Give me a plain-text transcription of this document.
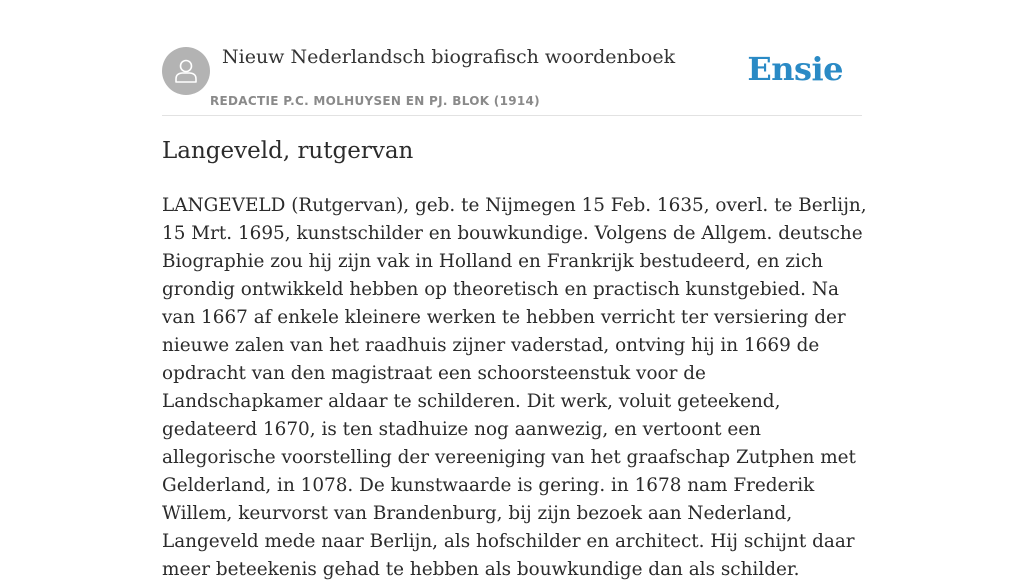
Nieuw Nederlandsch biografisch woordenboek
REDACTIE P.C. MOLHUYSEN EN PJ. BLOK (1914)
Ensie
Langeveld, rutgervan

LANGEVELD (Rutgervan), geb. te Nijmegen 15 Feb. 1635, overl. te Berlijn, 15 Mrt. 1695, kunstschilder en bouwkundige. Volgens de Allgem. deutsche Biographie zou hij zijn vak in Holland en Frankrijk bestudeerd, en zich grondig ontwikkeld hebben op theoretisch en practisch kunstgebied. Na van 1667 af enkele kleinere werken te hebben verricht ter versiering der nieuwe zalen van het raadhuis zijner vaderstad, ontving hij in 1669 de opdracht van den magistraat een schoorsteenstuk voor de Landschapkamer aldaar te schilderen. Dit werk, voluit geteekend, gedateerd 1670, is ten stadhuize nog aanwezig, en vertoont een allegorische voorstelling der vereeniging van het graafschap Zutphen met Gelderland, in 1078. De kunstwaarde is gering. in 1678 nam Frederik Willem, keurvorst van Brandenburg, bij zijn bezoek aan Nederland, Langeveld mede naar Berlijn, als hofschilder en architect. Hij schijnt daar meer beteekenis gehad te hebben als bouwkundige dan als schilder.
